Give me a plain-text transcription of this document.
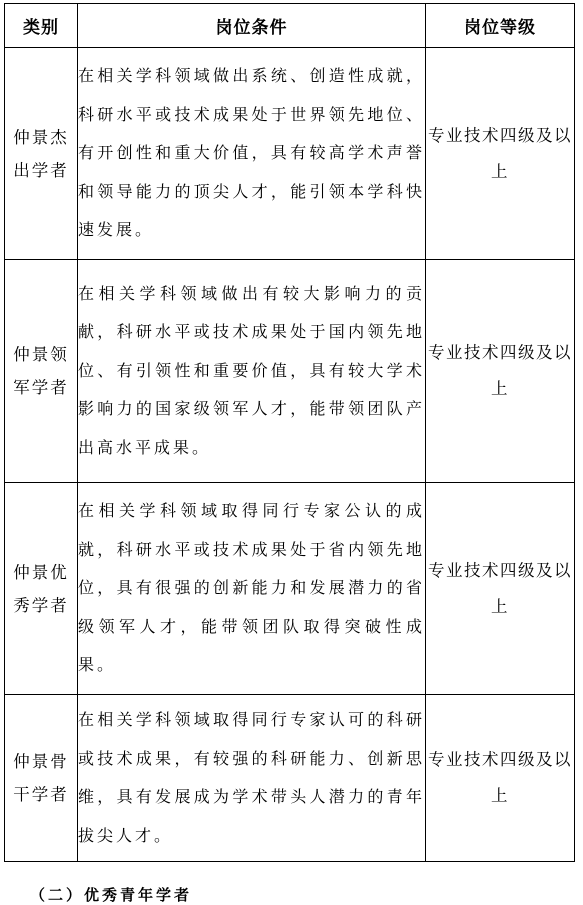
类别	岗位条件	岗位等级
仲景杰出学者	在相关学科领域做出系统、创造性成就，科研水平或技术成果处于世界领先地位、有开创性和重大价值，具有较高学术声誉和领导能力的顶尖人才，能引领本学科快速发展。	专业技术四级及以上
仲景领军学者	在相关学科领域做出有较大影响力的贡献，科研水平或技术成果处于国内领先地位、有引领性和重要价值，具有较大学术影响力的国家级领军人才，能带领团队产出高水平成果。	专业技术四级及以上
仲景优秀学者	在相关学科领域取得同行专家公认的成就，科研水平或技术成果处于省内领先地位，具有很强的创新能力和发展潜力的省级领军人才，能带领团队取得突破性成果。	专业技术四级及以上
仲景骨干学者	在相关学科领域取得同行专家认可的科研或技术成果，有较强的科研能力、创新思维，具有发展成为学术带头人潜力的青年拔尖人才。	专业技术四级及以上
（二）优秀青年学者
